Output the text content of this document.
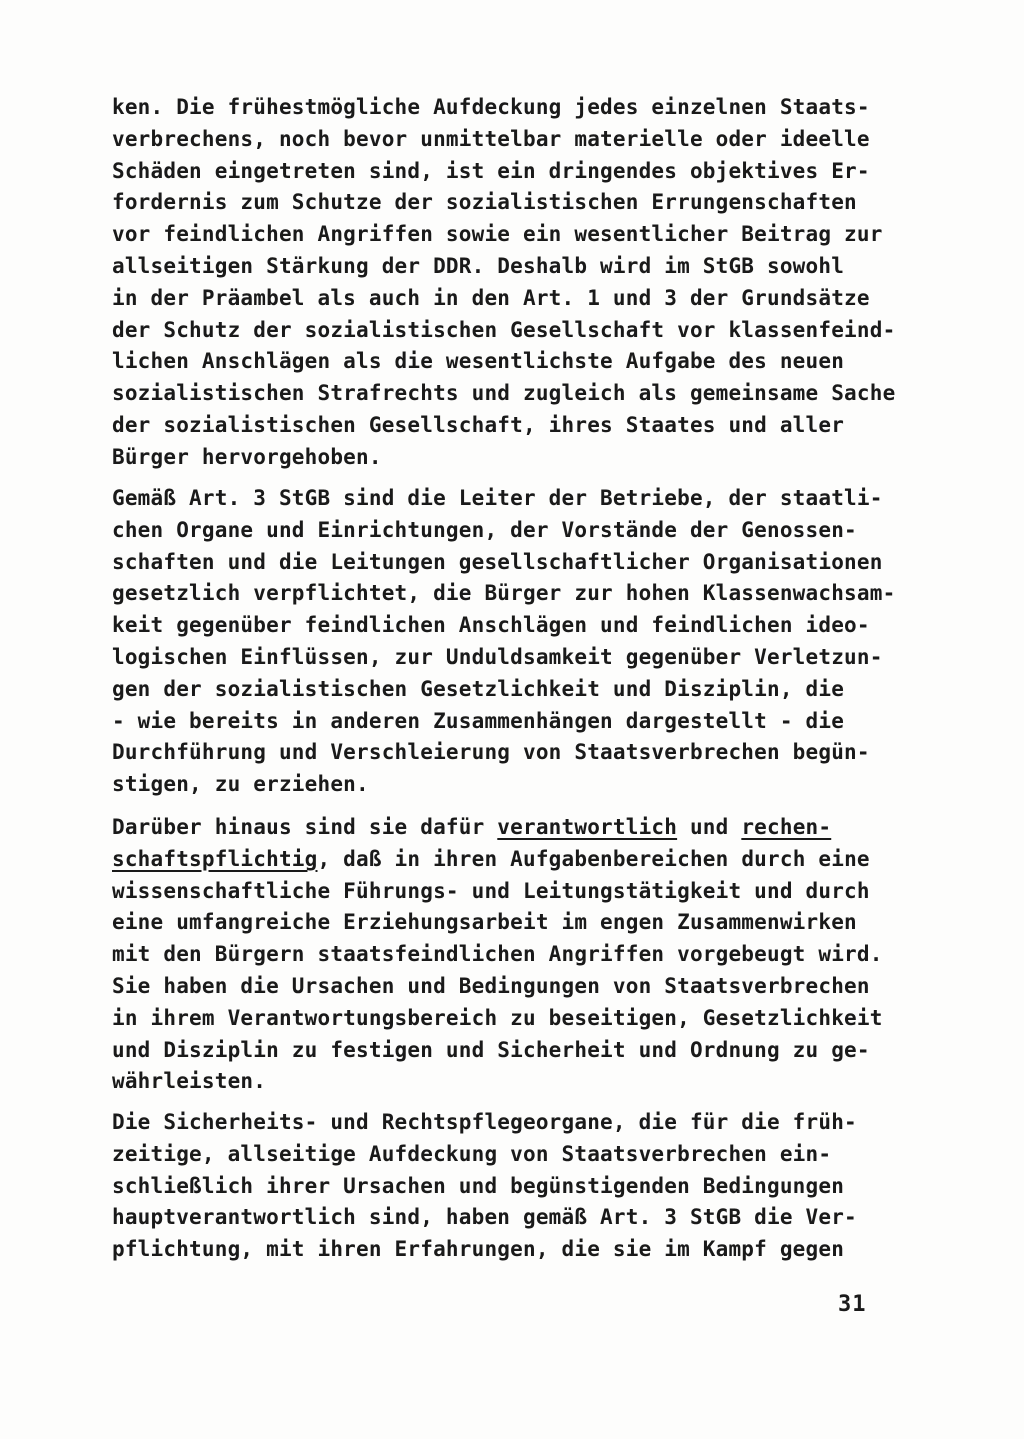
ken. Die frühestmögliche Aufdeckung jedes einzelnen Staats-
verbrechens, noch bevor unmittelbar materielle oder ideelle
Schäden eingetreten sind, ist ein dringendes objektives Er-
fordernis zum Schutze der sozialistischen Errungenschaften
vor feindlichen Angriffen sowie ein wesentlicher Beitrag zur
allseitigen Stärkung der DDR. Deshalb wird im StGB sowohl
in der Präambel als auch in den Art. 1 und 3 der Grundsätze
der Schutz der sozialistischen Gesellschaft vor klassenfeind-
lichen Anschlägen als die wesentlichste Aufgabe des neuen
sozialistischen Strafrechts und zugleich als gemeinsame Sache
der sozialistischen Gesellschaft, ihres Staates und aller
Bürger hervorgehoben.
Gemäß Art. 3 StGB sind die Leiter der Betriebe, der staatli-
chen Organe und Einrichtungen, der Vorstände der Genossen-
schaften und die Leitungen gesellschaftlicher Organisationen
gesetzlich verpflichtet, die Bürger zur hohen Klassenwachsam-
keit gegenüber feindlichen Anschlägen und feindlichen ideo-
logischen Einflüssen, zur Unduldsamkeit gegenüber Verletzun-
gen der sozialistischen Gesetzlichkeit und Disziplin, die
- wie bereits in anderen Zusammenhängen dargestellt - die
Durchführung und Verschleierung von Staatsverbrechen begün-
stigen, zu erziehen.
Darüber hinaus sind sie dafür verantwortlich und rechen-
schaftspflichtig, daß in ihren Aufgabenbereichen durch eine
wissenschaftliche Führungs- und Leitungstätigkeit und durch
eine umfangreiche Erziehungsarbeit im engen Zusammenwirken
mit den Bürgern staatsfeindlichen Angriffen vorgebeugt wird.
Sie haben die Ursachen und Bedingungen von Staatsverbrechen
in ihrem Verantwortungsbereich zu beseitigen, Gesetzlichkeit
und Disziplin zu festigen und Sicherheit und Ordnung zu ge-
währleisten.
Die Sicherheits- und Rechtspflegeorgane, die für die früh-
zeitige, allseitige Aufdeckung von Staatsverbrechen ein-
schließlich ihrer Ursachen und begünstigenden Bedingungen
hauptverantwortlich sind, haben gemäß Art. 3 StGB die Ver-
pflichtung, mit ihren Erfahrungen, die sie im Kampf gegen
31
